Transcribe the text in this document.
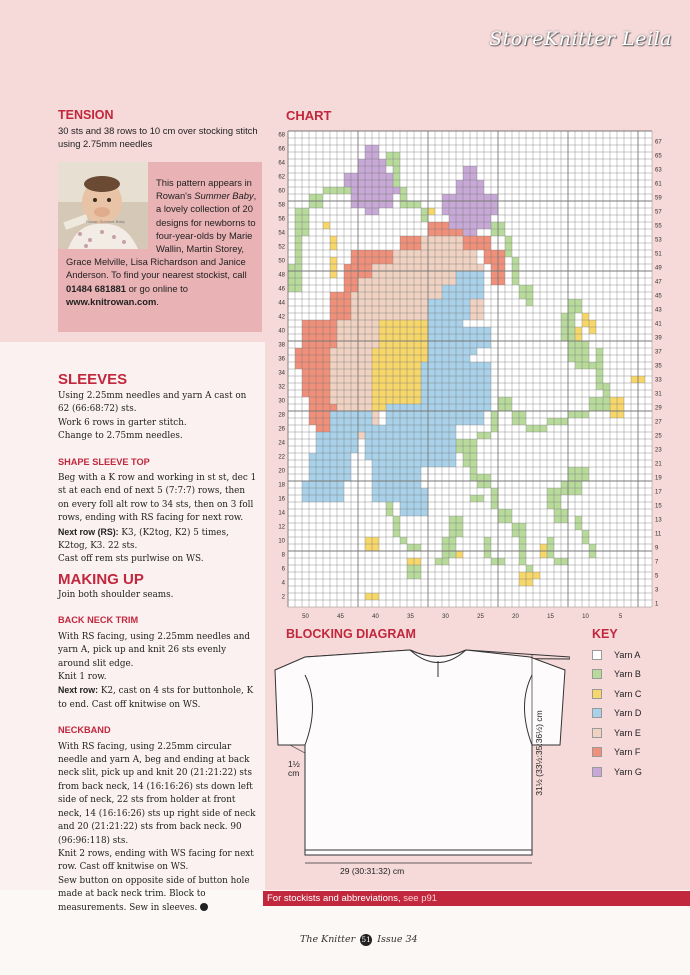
StoreKnitter Leila
TENSION
30 sts and 38 rows to 10 cm over stocking stitch using 2.75mm needles
Rowan Summer Baby
This pattern appears in Rowan's Summer Baby, a lovely collection of 20 designs for newborns to four-year-olds by Marie Wallin, Martin Storey, Grace Melville, Lisa Richardson and Janice Anderson. To find your nearest stockist, call 01484 681881 or go online to www.knitrowan.com.
SLEEVES

Using 2.25mm needles and yarn A cast on 62 (66:68:72) sts.

Work 6 rows in garter stitch.

Change to 2.75mm needles.

SHAPE SLEEVE TOP

Beg with a K row and working in st st, dec 1 st at each end of next 5 (7:7:7) rows, then on every foll alt row to 34 sts, then on 3 foll rows, ending with RS facing for next row.

Next row (RS): K3, (K2tog, K2) 5 times, K2tog, K3. 22 sts.

Cast off rem sts purlwise on WS.

MAKING UP

Join both shoulder seams.

BACK NECK TRIM

With RS facing, using 2.25mm needles and yarn A, pick up and knit 26 sts evenly around slit edge.

Knit 1 row.

Next row: K2, cast on 4 sts for buttonhole, K to end. Cast off knitwise on WS.

NECKBAND

With RS facing, using 2.25mm circular needle and yarn A, beg and ending at back neck slit, pick up and knit 20 (21:21:22) sts from back neck, 14 (16:16:26) sts down left side of neck, 22 sts from holder at front neck, 14 (16:16:26) sts up right side of neck and 20 (21:21:22) sts from back neck. 90 (96:96:118) sts.

Knit 2 rows, ending with WS facing for next row. Cast off knitwise on WS.

Sew button on opposite side of button hole made at back neck trim. Block to measurements. Sew in sleeves.

CHART
68
66
64
62
60
58
56
54
52
50
48
46
44
42
40
38
36
34
32
30
28
26
24
22
20
18
16
14
12
10
8
6
4
2
67
65
63
61
59
57
55
53
51
49
47
45
43
41
39
37
35
33
31
29
27
25
23
21
19
17
15
13
11
9
7
5
3
1
50	45	40	35	30	25	20	15	10	5
BLOCKING DIAGRAM
1½ cm	31½ (33½:35:36½) cm
29 (30:31:32) cm
KEY
Yarn A
Yarn B
Yarn C
Yarn D
Yarn E
Yarn F
Yarn G
For stockists and abbreviations, see p91
The Knitter 51 Issue 34
